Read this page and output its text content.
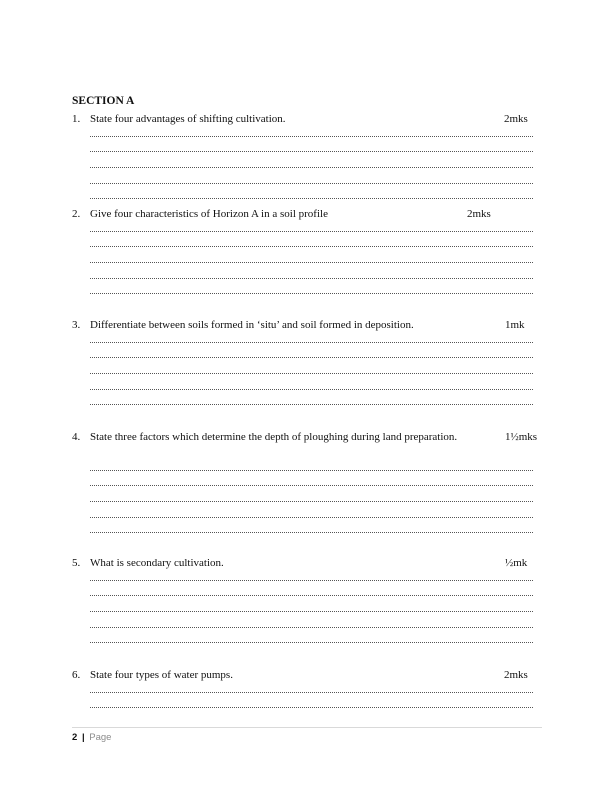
SECTION A
1. State four advantages of shifting cultivation.	2mks
2. Give four characteristics of Horizon A in a soil profile	2mks
3. Differentiate between soils formed in ‘situ’ and soil formed in deposition.	1mk
4. State three factors which determine the depth of ploughing during land preparation.	1½mks
5. What is secondary cultivation.	½mk
6. State four types of water pumps.	2mks
2 | Page
